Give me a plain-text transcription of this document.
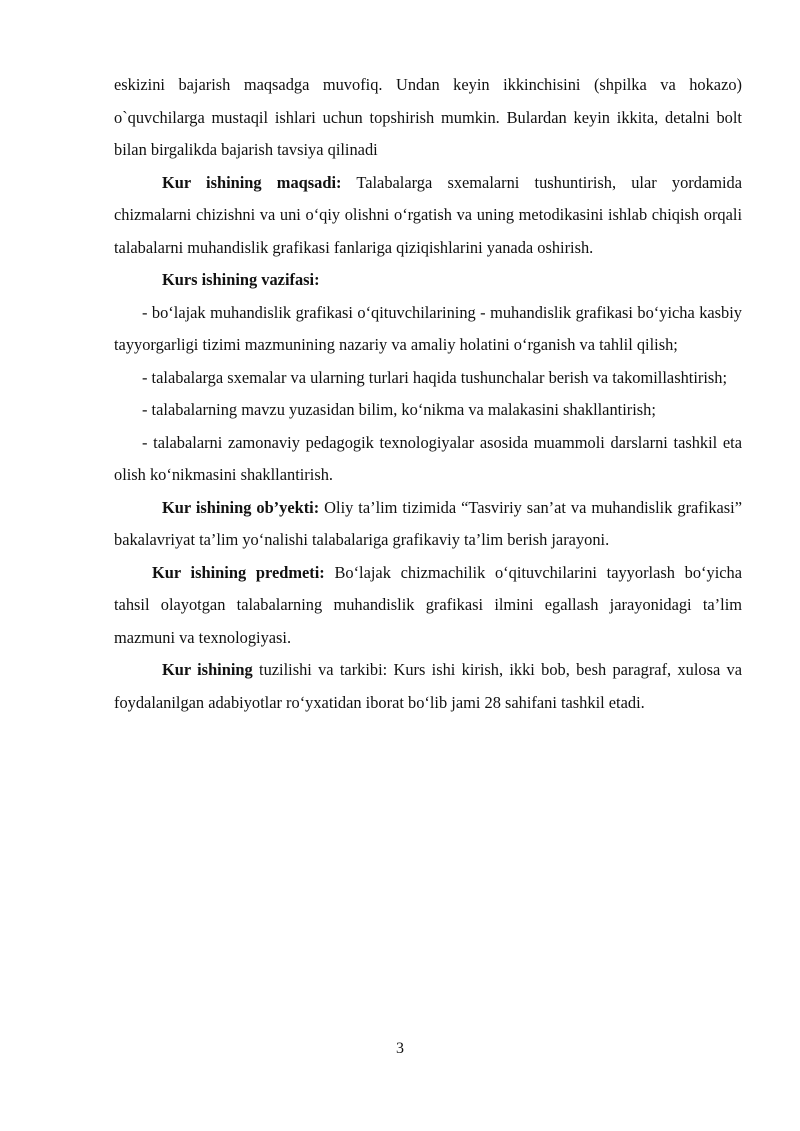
eskizini bajarish maqsadga muvofiq. Undan keyin ikkinchisini (shpilka va hokazo) o`quvchilarga mustaqil ishlari uchun topshirish mumkin. Bulardan keyin ikkita, detalni bolt bilan birgalikda bajarish tavsiya qilinadi

Kur ishining maqsadi: Talabalarga sxemalarni tushuntirish, ular yordamida chizmalarni chizishni va uni o‘qiy olishni o‘rgatish va uning metodikasini ishlab chiqish orqali talabalarni muhandislik grafikasi fanlariga qiziqishlarini yanada oshirish.

Kurs ishining vazifasi:

- bo‘lajak muhandislik grafikasi o‘qituvchilarining - muhandislik grafikasi bo‘yicha kasbiy tayyorgarligi tizimi mazmunining nazariy va amaliy holatini o‘rganish va tahlil qilish;

- talabalarga sxemalar va ularning turlari haqida tushunchalar berish va takomillashtirish;

- talabalarning mavzu yuzasidan bilim, ko‘nikma va malakasini shakllantirish;

- talabalarni zamonaviy pedagogik texnologiyalar asosida muammoli darslarni tashkil eta olish ko‘nikmasini shakllantirish.

Kur ishining ob’yekti: Oliy ta’lim tizimida “Tasviriy san’at va muhandislik grafikasi” bakalavriyat ta’lim yo‘nalishi talabalariga grafikaviy ta’lim berish jarayoni.

Kur ishining predmeti: Bo‘lajak chizmachilik o‘qituvchilarini tayyorlash bo‘yicha tahsil olayotgan talabalarning muhandislik grafikasi ilmini egallash jarayonidagi ta’lim mazmuni va texnologiyasi.

Kur ishining tuzilishi va tarkibi: Kurs ishi kirish, ikki bob, besh paragraf, xulosa va foydalanilgan adabiyotlar ro‘yxatidan iborat bo‘lib jami 28 sahifani tashkil etadi.

3
